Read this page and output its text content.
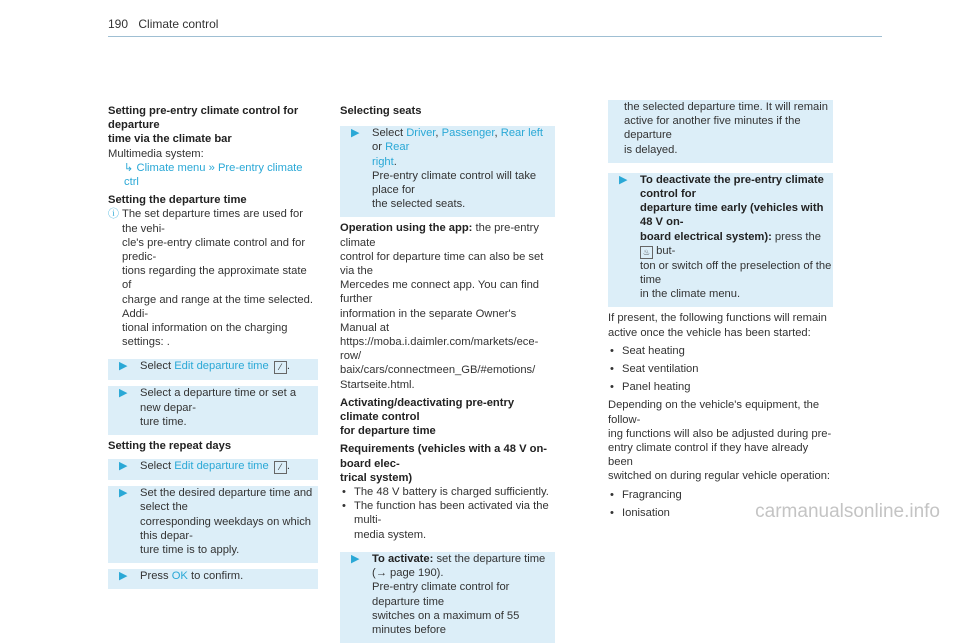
190 Climate control
Setting pre-entry climate control for departure
time via the climate bar
Multimedia system:
↳ Climate menu » Pre-entry climate ctrl
Setting the departure time
ⓘ The set departure times are used for the vehi-
cle's pre-entry climate control and for predic-
tions regarding the approximate state of
charge and range at the time selected. Addi-
tional information on the charging settings: .
▶ Select Edit departure time ⁄ .
▶ Select a departure time or set a new depar-
ture time.
Setting the repeat days
▶ Select Edit departure time ⁄ .
▶ Set the desired departure time and select the
corresponding weekdays on which this depar-
ture time is to apply.
▶ Press OK to confirm.
Selecting seats
▶ Select Driver, Passenger, Rear left or Rear
right.
Pre-entry climate control will take place for
the selected seats.
Operation using the app: the pre-entry climate
control for departure time can also be set via the
Mercedes me connect app. You can find further
information in the separate Owner's Manual at
https://moba.i.daimler.com/markets/ece-row/
baix/cars/connectmeen_GB/#emotions/
Startseite.html.
Activating/deactivating pre-entry climate control
for departure time
Requirements (vehicles with a 48 V on-board elec-
trical system)
• The 48 V battery is charged sufficiently.
• The function has been activated via the multi-
media system.
▶ To activate: set the departure time
(→ page 190).
Pre-entry climate control for departure time
switches on a maximum of 55 minutes before
the selected departure time. It will remain
active for another five minutes if the departure
is delayed.
▶ To deactivate the pre-entry climate control for
departure time early (vehicles with 48 V on-
board electrical system): press the ♨ but-
ton or switch off the preselection of the time
in the climate menu.
If present, the following functions will remain
active once the vehicle has been started:
• Seat heating
• Seat ventilation
• Panel heating
Depending on the vehicle's equipment, the follow-
ing functions will also be adjusted during pre-
entry climate control if they have already been
switched on during regular vehicle operation:
• Fragrancing
• Ionisation	carmanualsonline.info
